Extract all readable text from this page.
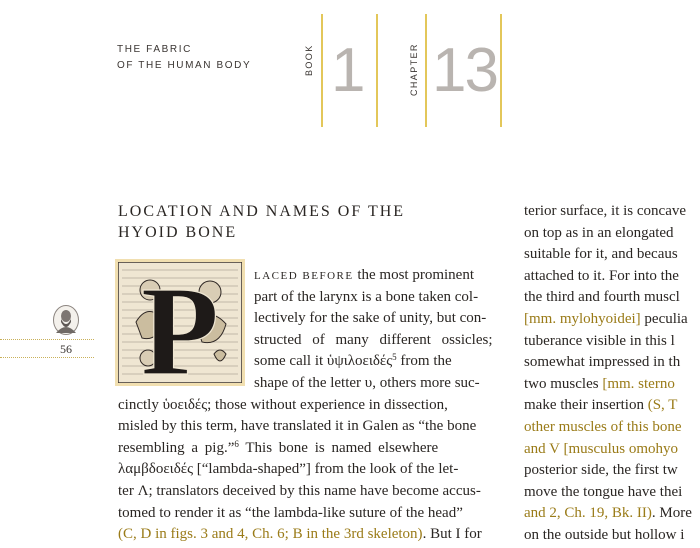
THE FABRIC
OF THE HUMAN BODY	BOOK 1	CHAPTER 13
LOCATION AND NAMES OF THE
HYOID BONE
56 P	LACED BEFORE the most prominent
part of the larynx is a bone taken col-
lectively for the sake of unity, but con-
structed of many different ossicles;
some call it ὑψιλοειδές$^5$ from the
shape of the letter υ, others more suc-
cinctly ὑοειδές; those without experience in dissection,
misled by this term, have translated it in Galen as “the bone
resembling a pig.”$^6$ This bone is named elsewhere
λαμβδοειδές [“lambda-shaped”] from the look of the let-
ter Λ; translators deceived by this name have become accus-
tomed to render it as “the lambda-like suture of the head”
(C, D in figs. 3 and 4, Ch. 6; B in the 3rd skeleton). But I for
terior surface, it is concave
on top as in an elongated
suitable for it, and becaus
attached to it. For into the
the third and fourth muscl
[mm. mylohyoidei] peculia
tuberance visible in this l
somewhat impressed in th
two muscles [mm. sterno
make their insertion (S, T
other muscles of this bone
and V [musculus omohyo
posterior side, the first tw
move the tongue have thei
and 2, Ch. 19, Bk. II). More
on the outside but hollow i
